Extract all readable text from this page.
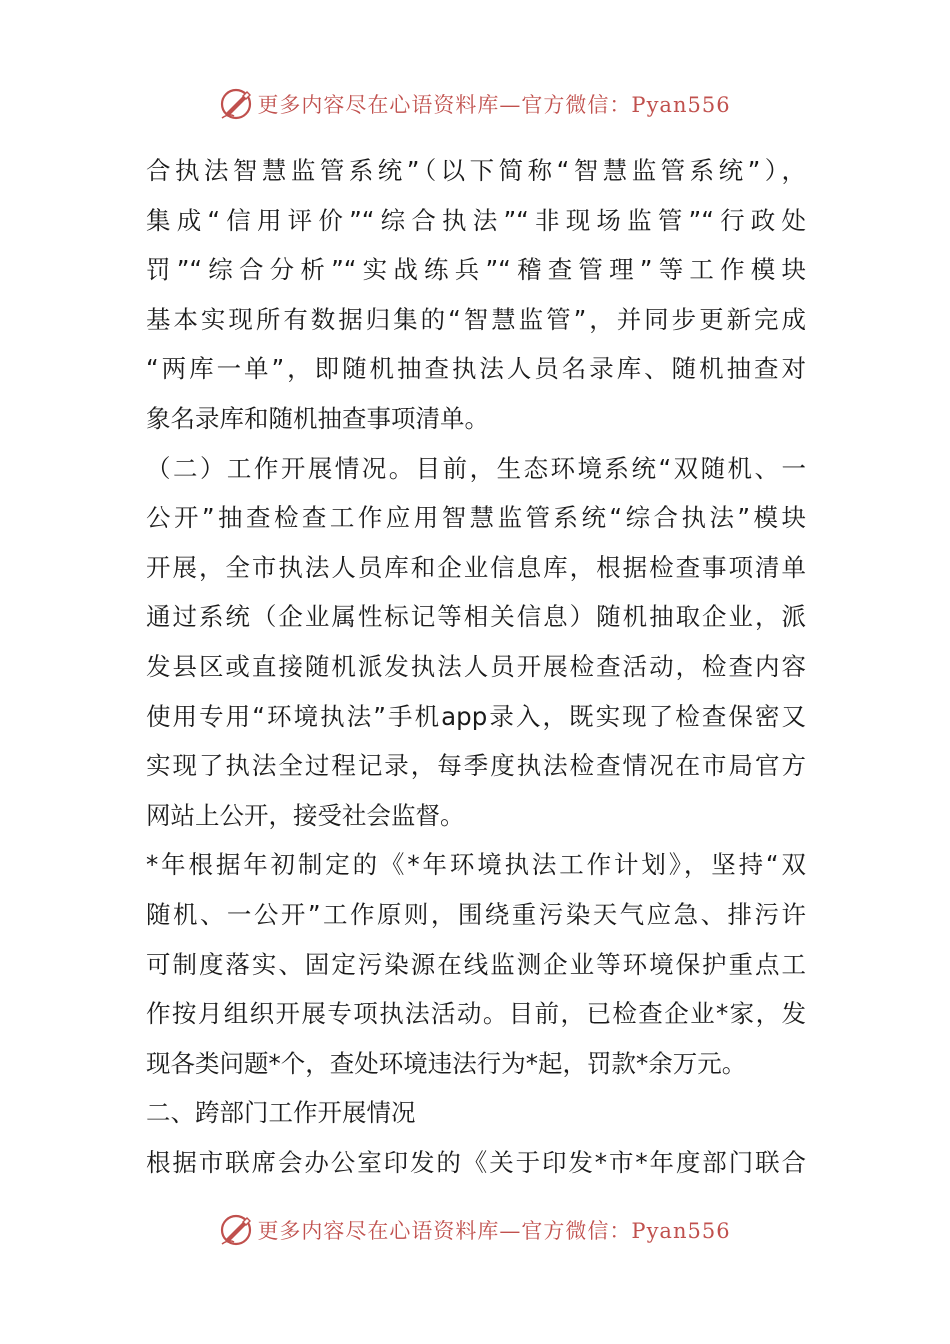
更多内容尽在心语资料库—官方微信：Pyan556
合执法智慧监管系统”（以下简称“智慧监管系统”），
集成“信用评价”“综合执法”“非现场监管”“行政处
罚”“综合分析”“实战练兵”“稽查管理”等工作模块
基本实现所有数据归集的“智慧监管”，并同步更新完成
“两库一单”，即随机抽查执法人员名录库、随机抽查对
象名录库和随机抽查事项清单。
（二）工作开展情况。目前，生态环境系统“双随机、一
公开”抽查检查工作应用智慧监管系统“综合执法”模块
开展，全市执法人员库和企业信息库，根据检查事项清单
通过系统（企业属性标记等相关信息）随机抽取企业，派
发县区或直接随机派发执法人员开展检查活动，检查内容
使用专用“环境执法”手机app录入，既实现了检查保密又
实现了执法全过程记录，每季度执法检查情况在市局官方
网站上公开，接受社会监督。
*年根据年初制定的《*年环境执法工作计划》，坚持“双
随机、一公开”工作原则，围绕重污染天气应急、排污许
可制度落实、固定污染源在线监测企业等环境保护重点工
作按月组织开展专项执法活动。目前，已检查企业*家，发
现各类问题*个，查处环境违法行为*起，罚款*余万元。
二、跨部门工作开展情况
根据市联席会办公室印发的《关于印发*市*年度部门联合
更多内容尽在心语资料库—官方微信：Pyan556
